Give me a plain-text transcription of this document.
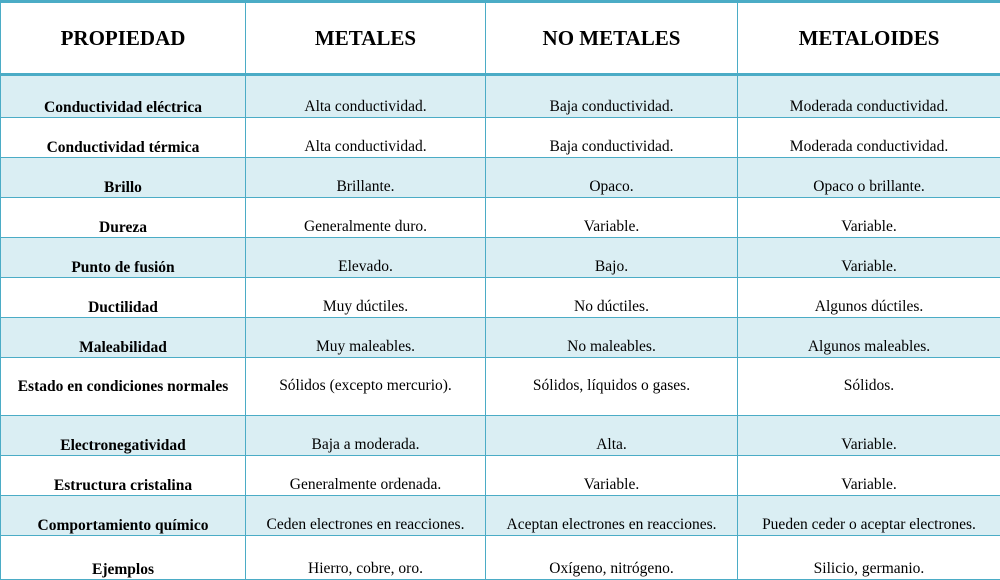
PROPIEDAD	METALES	NO METALES	METALOIDES
Conductividad eléctrica	Alta conductividad.	Baja conductividad.	Moderada conductividad.
Conductividad térmica	Alta conductividad.	Baja conductividad.	Moderada conductividad.
Brillo	Brillante.	Opaco.	Opaco o brillante.
Dureza	Generalmente duro.	Variable.	Variable.
Punto de fusión	Elevado.	Bajo.	Variable.
Ductilidad	Muy dúctiles.	No dúctiles.	Algunos dúctiles.
Maleabilidad	Muy maleables.	No maleables.	Algunos maleables.
Estado en condiciones normales	Sólidos (excepto mercurio).	Sólidos, líquidos o gases.	Sólidos.
Electronegatividad	Baja a moderada.	Alta.	Variable.
Estructura cristalina	Generalmente ordenada.	Variable.	Variable.
Comportamiento químico	Ceden electrones en reacciones.	Aceptan electrones en reacciones.	Pueden ceder o aceptar electrones.
Ejemplos	Hierro, cobre, oro.	Oxígeno, nitrógeno.	Silicio, germanio.
